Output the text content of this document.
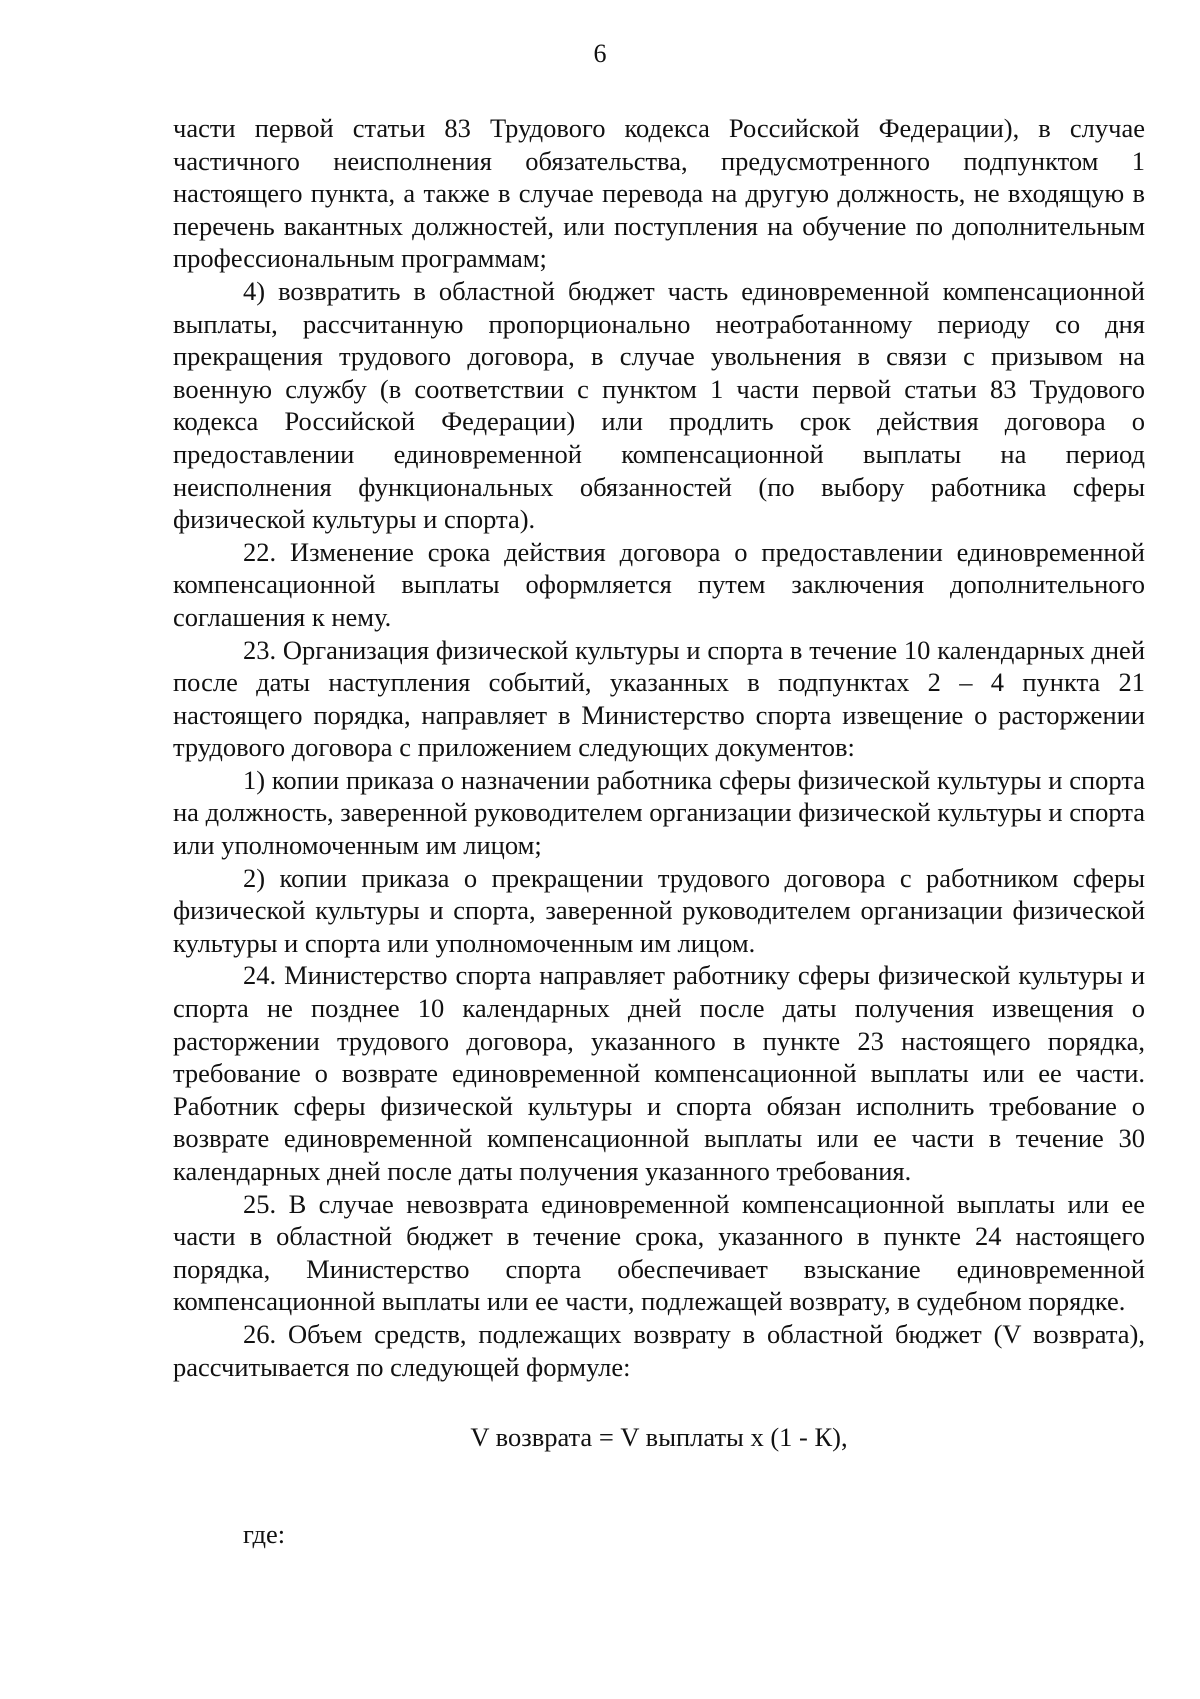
6

части первой статьи 83 Трудового кодекса Российской Федерации), в случае частичного неисполнения обязательства, предусмотренного подпунктом 1 настоящего пункта, а также в случае перевода на другую должность, не входящую в перечень вакантных должностей, или поступления на обучение по дополнительным профессиональным программам;

4) возвратить в областной бюджет часть единовременной компенсационной выплаты, рассчитанную пропорционально неотработанному периоду со дня прекращения трудового договора, в случае увольнения в связи с призывом на военную службу (в соответствии с пунктом 1 части первой статьи 83 Трудового кодекса Российской Федерации) или продлить срок действия договора о предоставлении единовременной компенсационной выплаты на период неисполнения функциональных обязанностей (по выбору работника сферы физической культуры и спорта).

22. Изменение срока действия договора о предоставлении единовременной компенсационной выплаты оформляется путем заключения дополнительного соглашения к нему.

23. Организация физической культуры и спорта в течение 10 календарных дней после даты наступления событий, указанных в подпунктах 2 – 4 пункта 21 настоящего порядка, направляет в Министерство спорта извещение о расторжении трудового договора с приложением следующих документов:

1) копии приказа о назначении работника сферы физической культуры и спорта на должность, заверенной руководителем организации физической культуры и спорта или уполномоченным им лицом;

2) копии приказа о прекращении трудового договора с работником сферы физической культуры и спорта, заверенной руководителем организации физической культуры и спорта или уполномоченным им лицом.

24. Министерство спорта направляет работнику сферы физической культуры и спорта не позднее 10 календарных дней после даты получения извещения о расторжении трудового договора, указанного в пункте 23 настоящего порядка, требование о возврате единовременной компенсационной выплаты или ее части. Работник сферы физической культуры и спорта обязан исполнить требование о возврате единовременной компенсационной выплаты или ее части в течение 30 календарных дней после даты получения указанного требования.

25. В случае невозврата единовременной компенсационной выплаты или ее части в областной бюджет в течение срока, указанного в пункте 24 настоящего порядка, Министерство спорта обеспечивает взыскание единовременной компенсационной выплаты или ее части, подлежащей возврату, в судебном порядке.

26. Объем средств, подлежащих возврату в областной бюджет (V возврата), рассчитывается по следующей формуле:

V возврата = V выплаты х (1 - К),

где:
